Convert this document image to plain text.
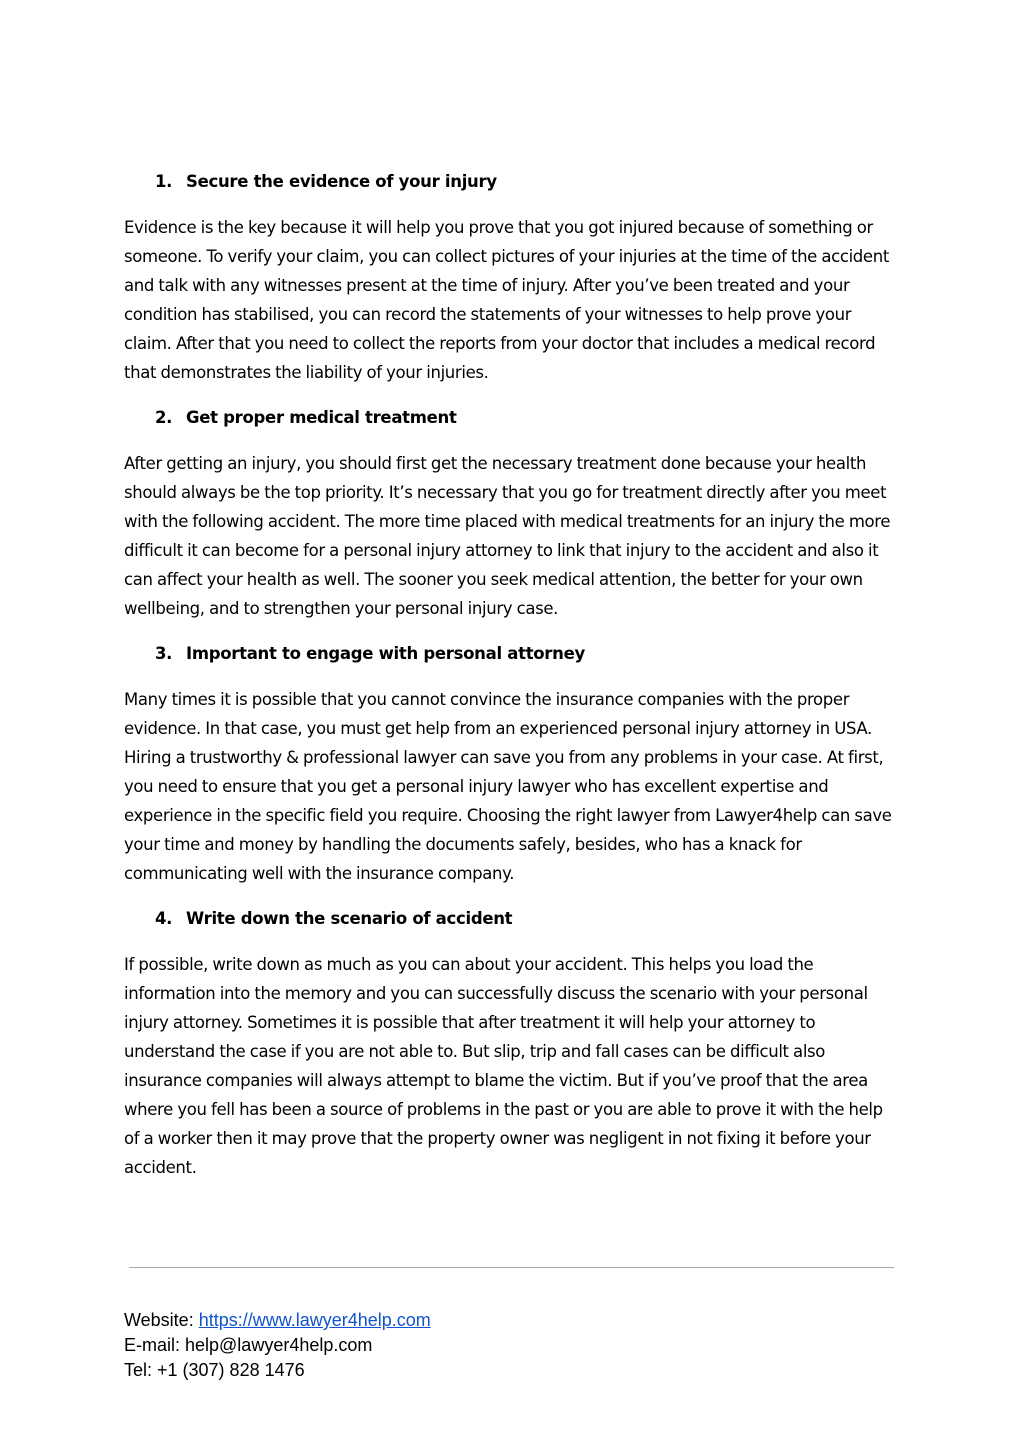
1. Secure the evidence of your injury

Evidence is the key because it will help you prove that you got injured because of something or someone. To verify your claim, you can collect pictures of your injuries at the time of the accident and talk with any witnesses present at the time of injury. After you’ve been treated and your condition has stabilised, you can record the statements of your witnesses to help prove your claim. After that you need to collect the reports from your doctor that includes a medical record that demonstrates the liability of your injuries.

2. Get proper medical treatment

After getting an injury, you should first get the necessary treatment done because your health should always be the top priority. It’s necessary that you go for treatment directly after you meet with the following accident. The more time placed with medical treatments for an injury the more difficult it can become for a personal injury attorney to link that injury to the accident and also it can affect your health as well. The sooner you seek medical attention, the better for your own wellbeing, and to strengthen your personal injury case.

3. Important to engage with personal attorney

Many times it is possible that you cannot convince the insurance companies with the proper evidence. In that case, you must get help from an experienced personal injury attorney in USA. Hiring a trustworthy & professional lawyer can save you from any problems in your case. At first, you need to ensure that you get a personal injury lawyer who has excellent expertise and experience in the specific field you require. Choosing the right lawyer from Lawyer4help can save your time and money by handling the documents safely, besides, who has a knack for communicating well with the insurance company.

4. Write down the scenario of accident

If possible, write down as much as you can about your accident. This helps you load the information into the memory and you can successfully discuss the scenario with your personal injury attorney. Sometimes it is possible that after treatment it will help your attorney to understand the case if you are not able to. But slip, trip and fall cases can be difficult also insurance companies will always attempt to blame the victim. But if you’ve proof that the area where you fell has been a source of problems in the past or you are able to prove it with the help of a worker then it may prove that the property owner was negligent in not fixing it before your accident.

Website: https://www.lawyer4help.com
E-mail: help@lawyer4help.com
Tel: +1 (307) 828 1476
